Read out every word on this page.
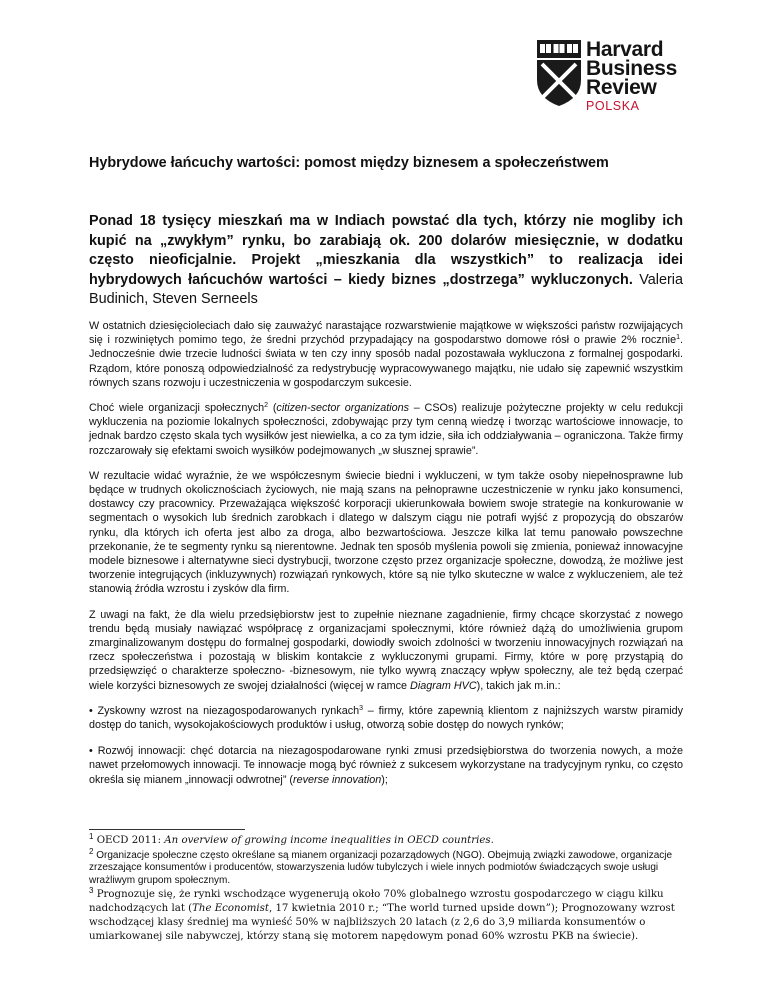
Harvard
Business
Review
POLSKA
Hybrydowe łańcuchy wartości: pomost między biznesem a społeczeństwem
Ponad 18 tysięcy mieszkań ma w Indiach powstać dla tych, którzy nie mogliby ich kupić na „zwykłym” rynku, bo zarabiają ok. 200 dolarów miesięcznie, w dodatku często nieoficjalnie. Projekt „mieszkania dla wszystkich” to realizacja idei hybrydowych łańcuchów wartości – kiedy biznes „dostrzega” wykluczonych. Valeria Budinich, Steven Serneels

W ostatnich dziesięcioleciach dało się zauważyć narastające rozwarstwienie majątkowe w większości państw rozwijających się i rozwiniętych pomimo tego, że średni przychód przypadający na gospodarstwo domowe rósł o prawie 2% rocznie$^1$. Jednocześnie dwie trzecie ludności świata w ten czy inny sposób nadal pozostawała wykluczona z formalnej gospodarki. Rządom, które ponoszą odpowiedzialność za redystrybucję wypracowywanego majątku, nie udało się zapewnić wszystkim równych szans rozwoju i uczestniczenia w gospodarczym sukcesie.

Choć wiele organizacji społecznych$^2$ (citizen-sector organizations – CSOs) realizuje pożyteczne projekty w celu redukcji wykluczenia na poziomie lokalnych społeczności, zdobywając przy tym cenną wiedzę i tworząc wartościowe innowacje, to jednak bardzo często skala tych wysiłków jest niewielka, a co za tym idzie, siła ich oddziaływania – ograniczona. Także firmy rozczarowały się efektami swoich wysiłków podejmowanych „w słusznej sprawie”.

W rezultacie widać wyraźnie, że we współczesnym świecie biedni i wykluczeni, w tym także osoby niepełnosprawne lub będące w trudnych okolicznościach życiowych, nie mają szans na pełnoprawne uczestniczenie w rynku jako konsumenci, dostawcy czy pracownicy. Przeważająca większość korporacji ukierunkowała bowiem swoje strategie na konkurowanie w segmentach o wysokich lub średnich zarobkach i dlatego w dalszym ciągu nie potrafi wyjść z propozycją do obszarów rynku, dla których ich oferta jest albo za droga, albo bezwartościowa. Jeszcze kilka lat temu panowało powszechne przekonanie, że te segmenty rynku są nierentowne. Jednak ten sposób myślenia powoli się zmienia, ponieważ innowacyjne modele biznesowe i alternatywne sieci dystrybucji, tworzone często przez organizacje społeczne, dowodzą, że możliwe jest tworzenie integrujących (inkluzywnych) rozwiązań rynkowych, które są nie tylko skuteczne w walce z wykluczeniem, ale też stanowią źródła wzrostu i zysków dla firm.

Z uwagi na fakt, że dla wielu przedsiębiorstw jest to zupełnie nieznane zagadnienie, firmy chcące skorzystać z nowego trendu będą musiały nawiązać współpracę z organizacjami społecznymi, które również dążą do umożliwienia grupom zmarginalizowanym dostępu do formalnej gospodarki, dowiodły swoich zdolności w tworzeniu innowacyjnych rozwiązań na rzecz społeczeństwa i pozostają w bliskim kontakcie z wykluczonymi grupami. Firmy, które w porę przystąpią do przedsięwzięć o charakterze społeczno- -biznesowym, nie tylko wywrą znaczący wpływ społeczny, ale też będą czerpać wiele korzyści biznesowych ze swojej działalności (więcej w ramce Diagram HVC), takich jak m.in.:

• Zyskowny wzrost na niezagospodarowanych rynkach$^3$ – firmy, które zapewnią klientom z najniższych warstw piramidy dostęp do tanich, wysokojakościowych produktów i usług, otworzą sobie dostęp do nowych rynków;

• Rozwój innowacji: chęć dotarcia na niezagospodarowane rynki zmusi przedsiębiorstwa do tworzenia nowych, a może nawet przełomowych innowacji. Te innowacje mogą być również z sukcesem wykorzystane na tradycyjnym rynku, co często określa się mianem „innowacji odwrotnej” (reverse innovation);

$^1$ OECD 2011: An overview of growing income inequalities in OECD countries.

$^2$ Organizacje społeczne często określane są mianem organizacji pozarządowych (NGO). Obejmują związki zawodowe, organizacje zrzeszające konsumentów i producentów, stowarzyszenia ludów tubylczych i wiele innych podmiotów świadczących swoje usługi wrażliwym grupom społecznym.

$^3$ Prognozuje się, że rynki wschodzące wygenerują około 70% globalnego wzrostu gospodarczego w ciągu kilku nadchodzących lat (The Economist, 17 kwietnia 2010 r.; “The world turned upside down”); Prognozowany wzrost wschodzącej klasy średniej ma wynieść 50% w najbliższych 20 latach (z 2,6 do 3,9 miliarda konsumentów o umiarkowanej sile nabywczej, którzy staną się motorem napędowym ponad 60% wzrostu PKB na świecie).
